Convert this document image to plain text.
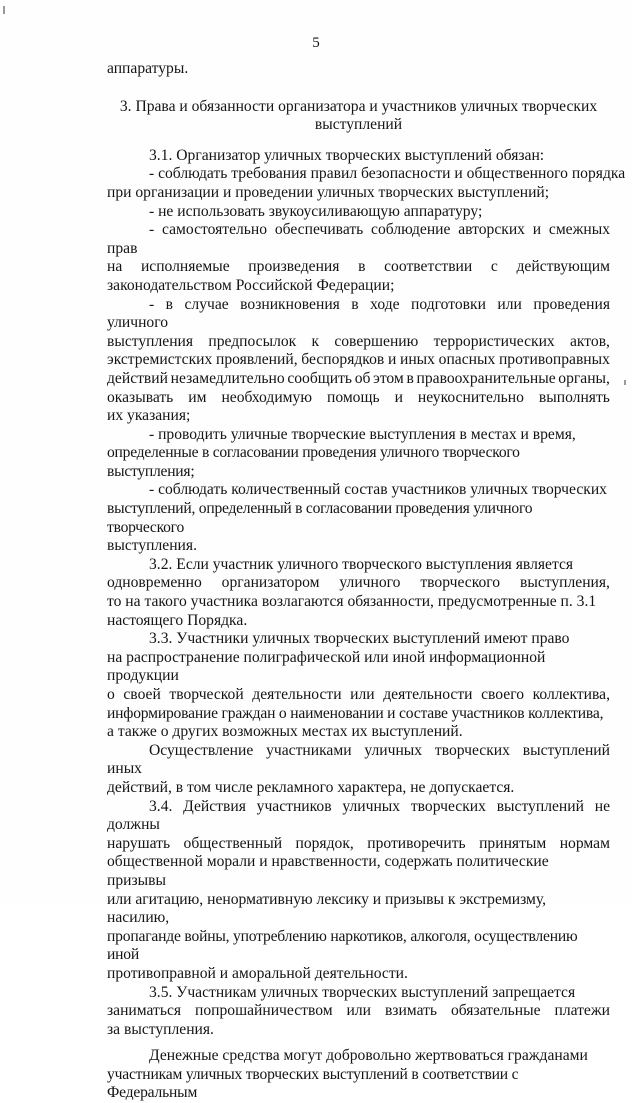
5

аппаратуры.

3. Права и обязанности организатора и участников уличных творческих
выступлений
3.1. Организатор уличных творческих выступлений обязан:
- соблюдать требования правил безопасности и общественного порядка
при организации и проведении уличных творческих выступлений;
- не использовать звукоусиливающую аппаратуру;
- самостоятельно обеспечивать соблюдение авторских и смежных прав
на исполняемые произведения в соответствии с действующим
законодательством Российской Федерации;
- в случае возникновения в ходе подготовки или проведения уличного
выступления предпосылок к совершению террористических актов,
экстремистских проявлений, беспорядков и иных опасных противоправных
действий незамедлительно сообщить об этом в правоохранительные органы,
оказывать им необходимую помощь и неукоснительно выполнять
их указания;
- проводить уличные творческие выступления в местах и время,
определенные в согласовании проведения уличного творческого выступления;
- соблюдать количественный состав участников уличных творческих
выступлений, определенный в согласовании проведения уличного творческого
выступления.
3.2. Если участник уличного творческого выступления является
одновременно организатором уличного творческого выступления,
то на такого участника возлагаются обязанности, предусмотренные п. 3.1
настоящего Порядка.
3.3. Участники уличных творческих выступлений имеют право
на распространение полиграфической или иной информационной продукции
о своей творческой деятельности или деятельности своего коллектива,
информирование граждан о наименовании и составе участников коллектива,
а также о других возможных местах их выступлений.
Осуществление участниками уличных творческих выступлений иных
действий, в том числе рекламного характера, не допускается.
3.4. Действия участников уличных творческих выступлений не должны
нарушать общественный порядок, противоречить принятым нормам
общественной морали и нравственности, содержать политические призывы
или агитацию, ненормативную лексику и призывы к экстремизму, насилию,
пропаганде войны, употреблению наркотиков, алкоголя, осуществлению иной
противоправной и аморальной деятельности.
3.5. Участникам уличных творческих выступлений запрещается
заниматься попрошайничеством или взимать обязательные платежи
за выступления.
Денежные средства могут добровольно жертвоваться гражданами
участникам уличных творческих выступлений в соответствии с Федеральным
